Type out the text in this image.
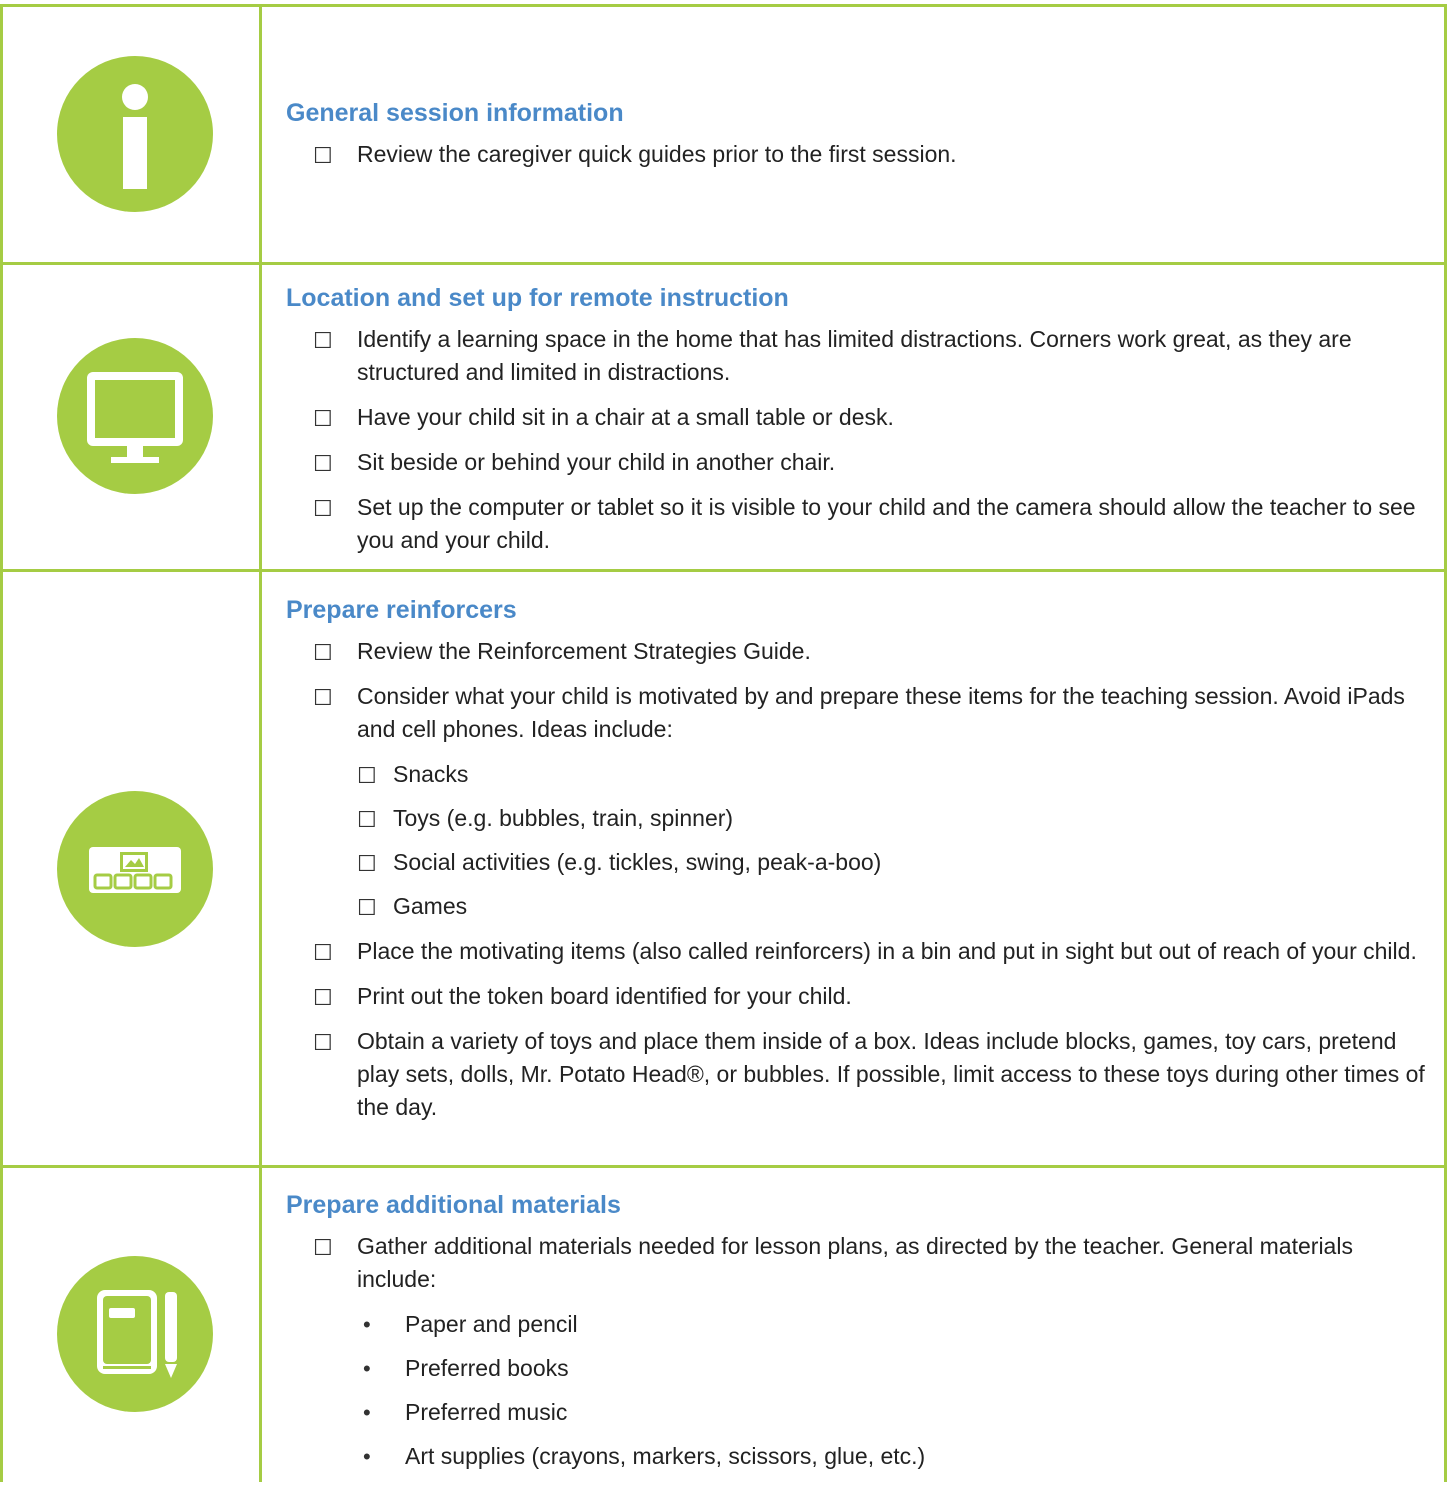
General session information
☐ Review the caregiver quick guides prior to the first session.
Location and set up for remote instruction
☐ Identify a learning space in the home that has limited distractions. Corners work great, as they are structured and limited in distractions.
☐ Have your child sit in a chair at a small table or desk.
☐ Sit beside or behind your child in another chair.
☐ Set up the computer or tablet so it is visible to your child and the camera should allow the teacher to see you and your child.
Prepare reinforcers
☐ Review the Reinforcement Strategies Guide.
☐ Consider what your child is motivated by and prepare these items for the teaching session. Avoid iPads and cell phones. Ideas include:
☐ Snacks
☐ Toys (e.g. bubbles, train, spinner)
☐ Social activities (e.g. tickles, swing, peak-a-boo)
☐ Games
☐ Place the motivating items (also called reinforcers) in a bin and put in sight but out of reach of your child.
☐ Print out the token board identified for your child.
☐ Obtain a variety of toys and place them inside of a box. Ideas include blocks, games, toy cars, pretend play sets, dolls, Mr. Potato Head®, or bubbles. If possible, limit access to these toys during other times of the day.
Prepare additional materials
☐ Gather additional materials needed for lesson plans, as directed by the teacher. General materials include:
• Paper and pencil
• Preferred books
• Preferred music
• Art supplies (crayons, markers, scissors, glue, etc.)
